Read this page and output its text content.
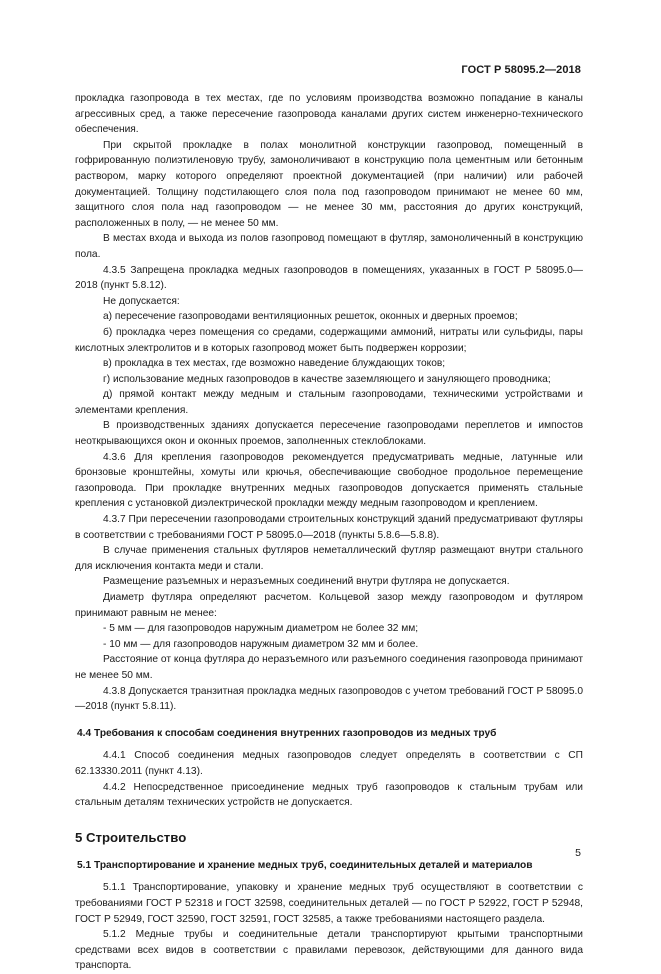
ГОСТ Р 58095.2—2018

прокладка газопровода в тех местах, где по условиям производства возможно попадание в каналы агрессивных сред, а также пересечение газопровода каналами других систем инженерно-технического обеспечения.

При скрытой прокладке в полах монолитной конструкции газопровод, помещенный в гофрированную полиэтиленовую трубу, замоноличивают в конструкцию пола цементным или бетонным раствором, марку которого определяют проектной документацией (при наличии) или рабочей документацией. Толщину подстилающего слоя пола под газопроводом принимают не менее 60 мм, защитного слоя пола над газопроводом — не менее 30 мм, расстояния до других конструкций, расположенных в полу, — не менее 50 мм.

В местах входа и выхода из полов газопровод помещают в футляр, замоноличенный в конструкцию пола.

4.3.5 Запрещена прокладка медных газопроводов в помещениях, указанных в ГОСТ Р 58095.0—2018 (пункт 5.8.12).

Не допускается:

а) пересечение газопроводами вентиляционных решеток, оконных и дверных проемов;

б) прокладка через помещения со средами, содержащими аммоний, нитраты или сульфиды, пары кислотных электролитов и в которых газопровод может быть подвержен коррозии;

в) прокладка в тех местах, где возможно наведение блуждающих токов;

г) использование медных газопроводов в качестве заземляющего и зануляющего проводника;

д) прямой контакт между медным и стальным газопроводами, техническими устройствами и элементами крепления.

В производственных зданиях допускается пересечение газопроводами переплетов и импостов неоткрывающихся окон и оконных проемов, заполненных стеклоблоками.

4.3.6 Для крепления газопроводов рекомендуется предусматривать медные, латунные или бронзовые кронштейны, хомуты или крючья, обеспечивающие свободное продольное перемещение газопровода. При прокладке внутренних медных газопроводов допускается применять стальные крепления с установкой диэлектрической прокладки между медным газопроводом и креплением.

4.3.7 При пересечении газопроводами строительных конструкций зданий предусматривают футляры в соответствии с требованиями ГОСТ Р 58095.0—2018 (пункты 5.8.6—5.8.8).

В случае применения стальных футляров неметаллический футляр размещают внутри стального для исключения контакта меди и стали.

Размещение разъемных и неразъемных соединений внутри футляра не допускается.

Диаметр футляра определяют расчетом. Кольцевой зазор между газопроводом и футляром принимают равным не менее:

- 5 мм — для газопроводов наружным диаметром не более 32 мм;

- 10 мм — для газопроводов наружным диаметром 32 мм и более.

Расстояние от конца футляра до неразъемного или разъемного соединения газопровода принимают не менее 50 мм.

4.3.8 Допускается транзитная прокладка медных газопроводов с учетом требований ГОСТ Р 58095.0—2018 (пункт 5.8.11).

4.4 Требования к способам соединения внутренних газопроводов из медных труб

4.4.1 Способ соединения медных газопроводов следует определять в соответствии с СП 62.13330.2011 (пункт 4.13).

4.4.2 Непосредственное присоединение медных труб газопроводов к стальным трубам или стальным деталям технических устройств не допускается.

5 Строительство

5.1 Транспортирование и хранение медных труб, соединительных деталей и материалов

5.1.1 Транспортирование, упаковку и хранение медных труб осуществляют в соответствии с требованиями ГОСТ Р 52318 и ГОСТ 32598, соединительных деталей — по ГОСТ Р 52922, ГОСТ Р 52948, ГОСТ Р 52949, ГОСТ 32590, ГОСТ 32591, ГОСТ 32585, а также требованиями настоящего раздела.

5.1.2 Медные трубы и соединительные детали транспортируют крытыми транспортными средствами всех видов в соответствии с правилами перевозок, действующими для данного вида транспорта.

5
